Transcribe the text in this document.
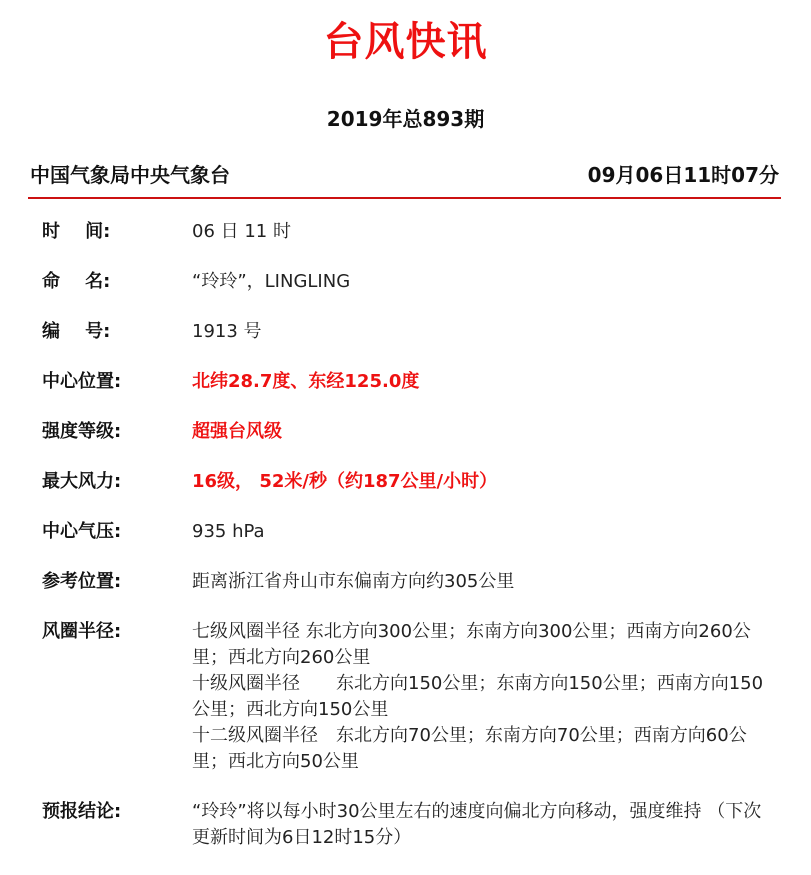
台风快讯
2019年总893期
中国气象局中央气象台	09月06日11时07分
时    间:	06 日 11 时
命    名:	“玲玲”，LINGLING
编    号:	1913 号
中心位置:	北纬28.7度、东经125.0度
强度等级:	超强台风级
最大风力:	16级， 52米/秒（约187公里/小时）
中心气压:	935 hPa
参考位置:	距离浙江省舟山市东偏南方向约305公里
风圈半径:	七级风圈半径 东北方向300公里；东南方向300公里；西南方向260公里；西北方向260公里
十级风圈半径　　东北方向150公里；东南方向150公里；西南方向150公里；西北方向150公里
十二级风圈半径　东北方向70公里；东南方向70公里；西南方向60公里；西北方向50公里
预报结论:	“玲玲”将以每小时30公里左右的速度向偏北方向移动，强度维持 （下次更新时间为6日12时15分）
